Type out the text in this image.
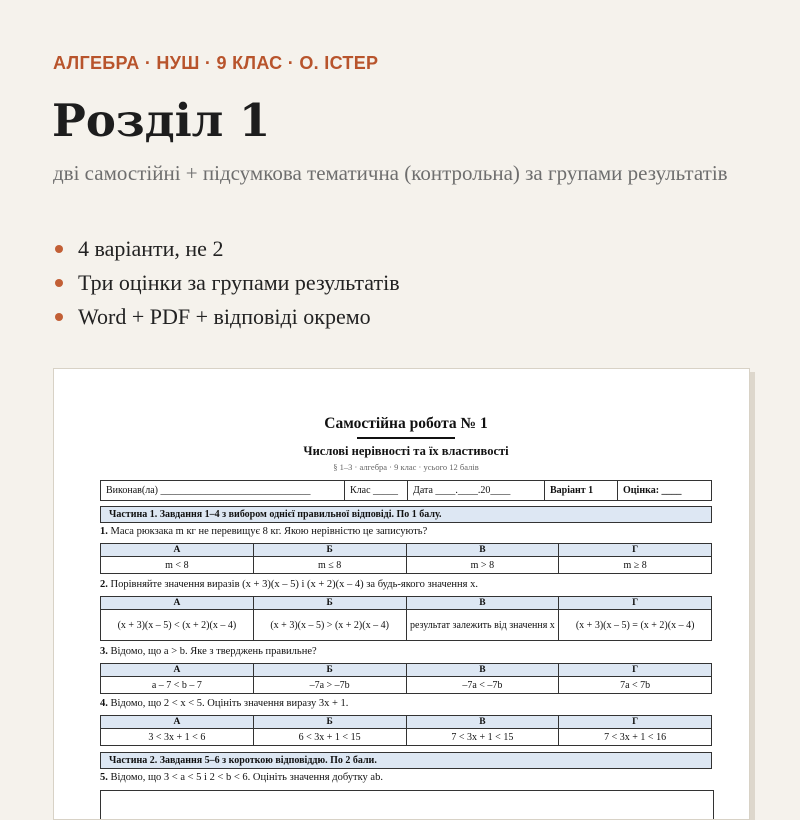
АЛГЕБРА · НУШ · 9 КЛАС · О. ІСТЕР
Розділ 1
дві самостійні + підсумкова тематична (контрольна) за групами результатів
4 варіанти, не 2
Три оцінки за групами результатів
Word + PDF + відповіді окремо
Самостійна робота № 1
Числові нерівності та їх властивості
§ 1–3 · алгебра · 9 клас · усього 12 балів
Виконав(ла) ______________________________	Клас _____	Дата ____.____.20____	Варіант 1	Оцінка: ____
Частина 1. Завдання 1–4 з вибором однієї правильної відповіді. По 1 балу.
1. Маса рюкзака m кг не перевищує 8 кг. Якою нерівністю це записують?
А	Б	В	Г
m < 8	m ≤ 8	m > 8	m ≥ 8
2. Порівняйте значення виразів (x + 3)(x – 5) і (x + 2)(x – 4) за будь-якого значення x.
А	Б	В	Г
(x + 3)(x – 5) < (x + 2)(x – 4)	(x + 3)(x – 5) > (x + 2)(x – 4)	результат залежить від значення x	(x + 3)(x – 5) = (x + 2)(x – 4)
3. Відомо, що a > b. Яке з тверджень правильне?
А	Б	В	Г
a – 7 < b – 7	–7a > –7b	–7a < –7b	7a < 7b
4. Відомо, що 2 < x < 5. Оцініть значення виразу 3x + 1.
А	Б	В	Г
3 < 3x + 1 < 6	6 < 3x + 1 < 15	7 < 3x + 1 < 15	7 < 3x + 1 < 16
Частина 2. Завдання 5–6 з короткою відповіддю. По 2 бали.
5. Відомо, що 3 < a < 5 і 2 < b < 6. Оцініть значення добутку ab.
